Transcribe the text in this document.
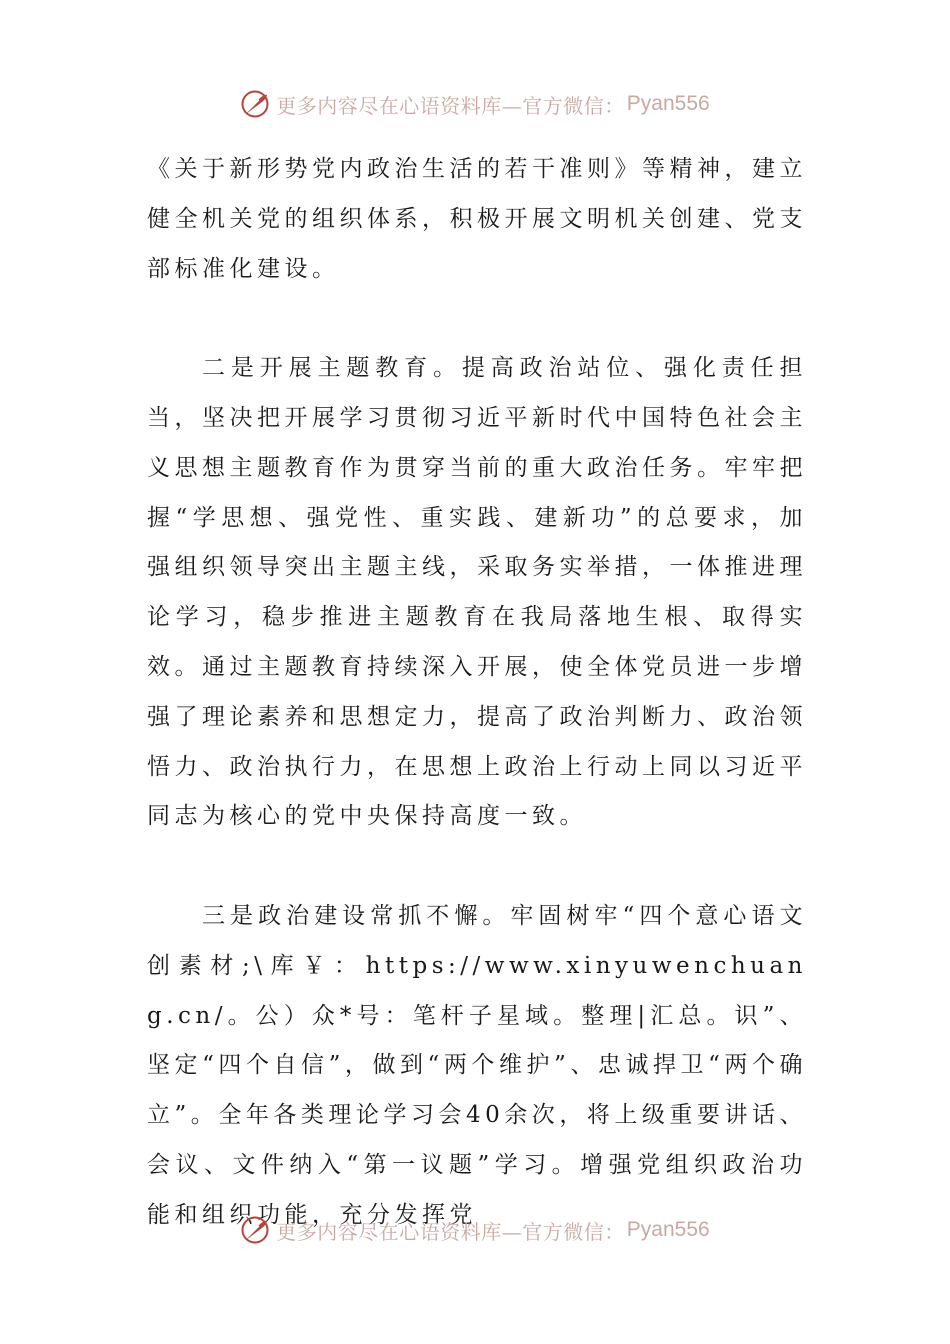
更多内容尽在心语资料库—官方微信： Pyan556

《关于新形势党内政治生活的若干准则》等精神，建立健全机关党的组织体系，积极开展文明机关创建、党支部标准化建设。

二是开展主题教育。提高政治站位、强化责任担当，坚决把开展学习贯彻习近平新时代中国特色社会主义思想主题教育作为贯穿当前的重大政治任务。牢牢把握“学思想、强党性、重实践、建新功”的总要求，加强组织领导突出主题主线，采取务实举措，一体推进理论学习，稳步推进主题教育在我局落地生根、取得实效。通过主题教育持续深入开展，使全体党员进一步增强了理论素养和思想定力，提高了政治判断力、政治领悟力、政治执行力，在思想上政治上行动上同以习近平同志为核心的党中央保持高度一致。

三是政治建设常抓不懈。牢固树牢“四个意心语文创素材;\库￥：https://www.xinyuwenchuang.cn/。公）众*号：笔杆子星域。整理|汇总。识”、坚定“四个自信”，做到“两个维护”、忠诚捍卫“两个确立”。全年各类理论学习会40余次，将上级重要讲话、会议、文件纳入“第一议题”学习。增强党组织政治功能和组织功能，充分发挥党

更多内容尽在心语资料库—官方微信： Pyan556
